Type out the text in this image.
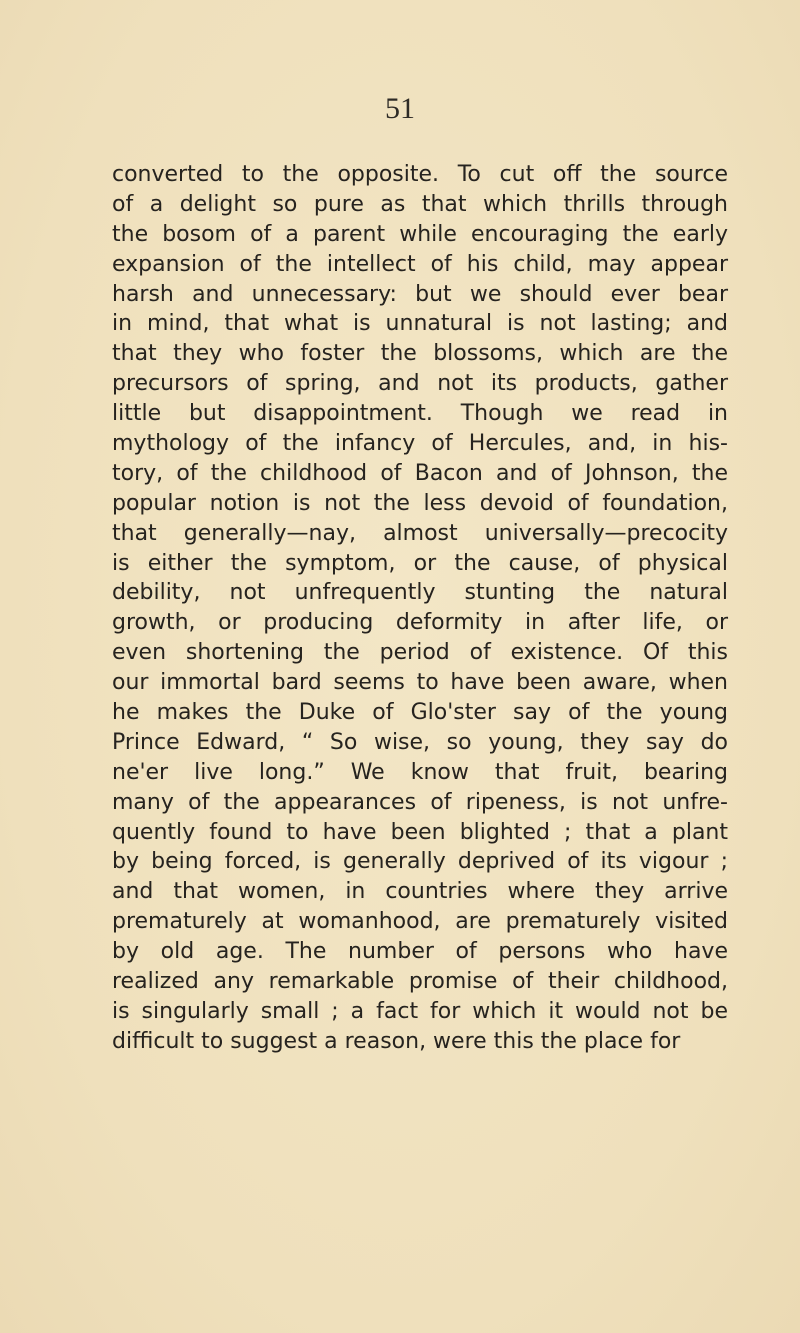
51
converted to the opposite. To cut off the source
of a delight so pure as that which thrills through
the bosom of a parent while encouraging the early
expansion of the intellect of his child, may appear
harsh and unnecessary: but we should ever bear
in mind, that what is unnatural is not lasting; and
that they who foster the blossoms, which are the
precursors of spring, and not its products, gather
little but disappointment. Though we read in
mythology of the infancy of Hercules, and, in his-
tory, of the childhood of Bacon and of Johnson, the
popular notion is not the less devoid of foundation,
that generally—nay, almost universally—precocity
is either the symptom, or the cause, of physical
debility, not unfrequently stunting the natural
growth, or producing deformity in after life, or
even shortening the period of existence. Of this
our immortal bard seems to have been aware, when
he makes the Duke of Glo'ster say of the young
Prince Edward, “ So wise, so young, they say do
ne'er live long.” We know that fruit, bearing
many of the appearances of ripeness, is not unfre-
quently found to have been blighted ; that a plant
by being forced, is generally deprived of its vigour ;
and that women, in countries where they arrive
prematurely at womanhood, are prematurely visited
by old age. The number of persons who have
realized any remarkable promise of their childhood,
is singularly small ; a fact for which it would not be
difficult to suggest a reason, were this the place for
